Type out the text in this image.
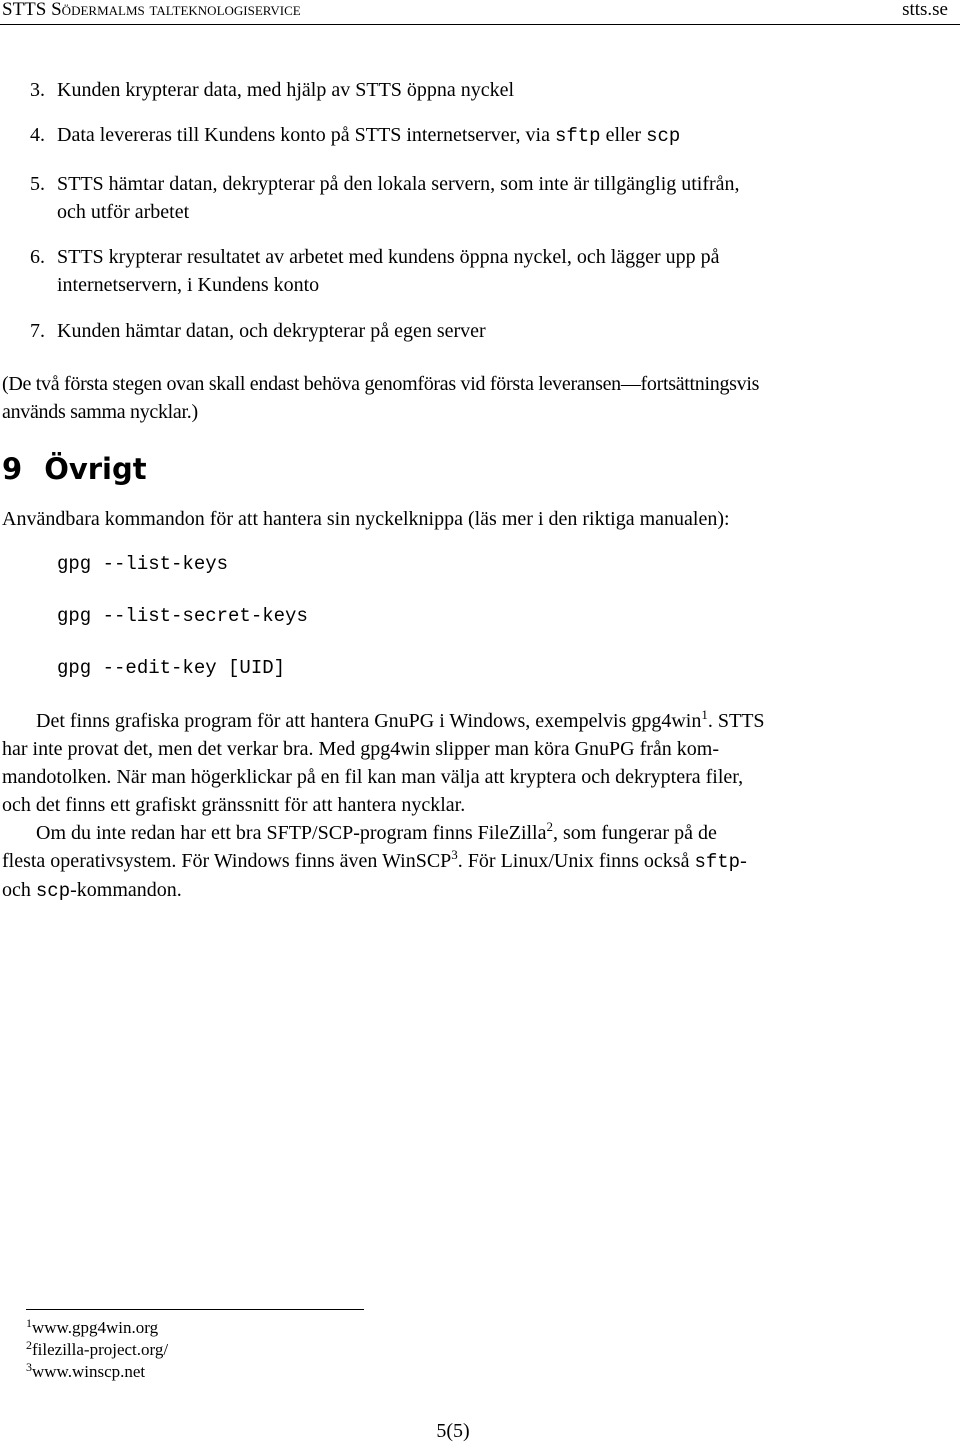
STTS Södermalms talteknologiservice	stts.se
3. Kunden krypterar data, med hjälp av STTS öppna nyckel
4. Data levereras till Kundens konto på STTS internetserver, via sftp eller scp
5. STTS hämtar datan, dekrypterar på den lokala servern, som inte är tillgänglig utifrån,
och utför arbetet
6. STTS krypterar resultatet av arbetet med kundens öppna nyckel, och lägger upp på
internetservern, i Kundens konto
7. Kunden hämtar datan, och dekrypterar på egen server
(De två första stegen ovan skall endast behöva genomföras vid första leveransen—fortsättningsvis
används samma nycklar.)
9 Övrigt
Användbara kommandon för att hantera sin nyckelknippa (läs mer i den riktiga manualen):
gpg --list-keys
gpg --list-secret-keys
gpg --edit-key [UID]
Det finns grafiska program för att hantera GnuPG i Windows, exempelvis gpg4win$^1$. STTS
har inte provat det, men det verkar bra. Med gpg4win slipper man köra GnuPG från kom-
mandotolken. När man högerklickar på en fil kan man välja att kryptera och dekryptera filer,
och det finns ett grafiskt gränssnitt för att hantera nycklar.
Om du inte redan har ett bra SFTP/SCP-program finns FileZilla$^2$, som fungerar på de
flesta operativsystem. För Windows finns även WinSCP$^3$. För Linux/Unix finns också sftp-
och scp-kommandon.
$^1$www.gpg4win.org
$^2$filezilla-project.org/
$^3$www.winscp.net
5(5)
